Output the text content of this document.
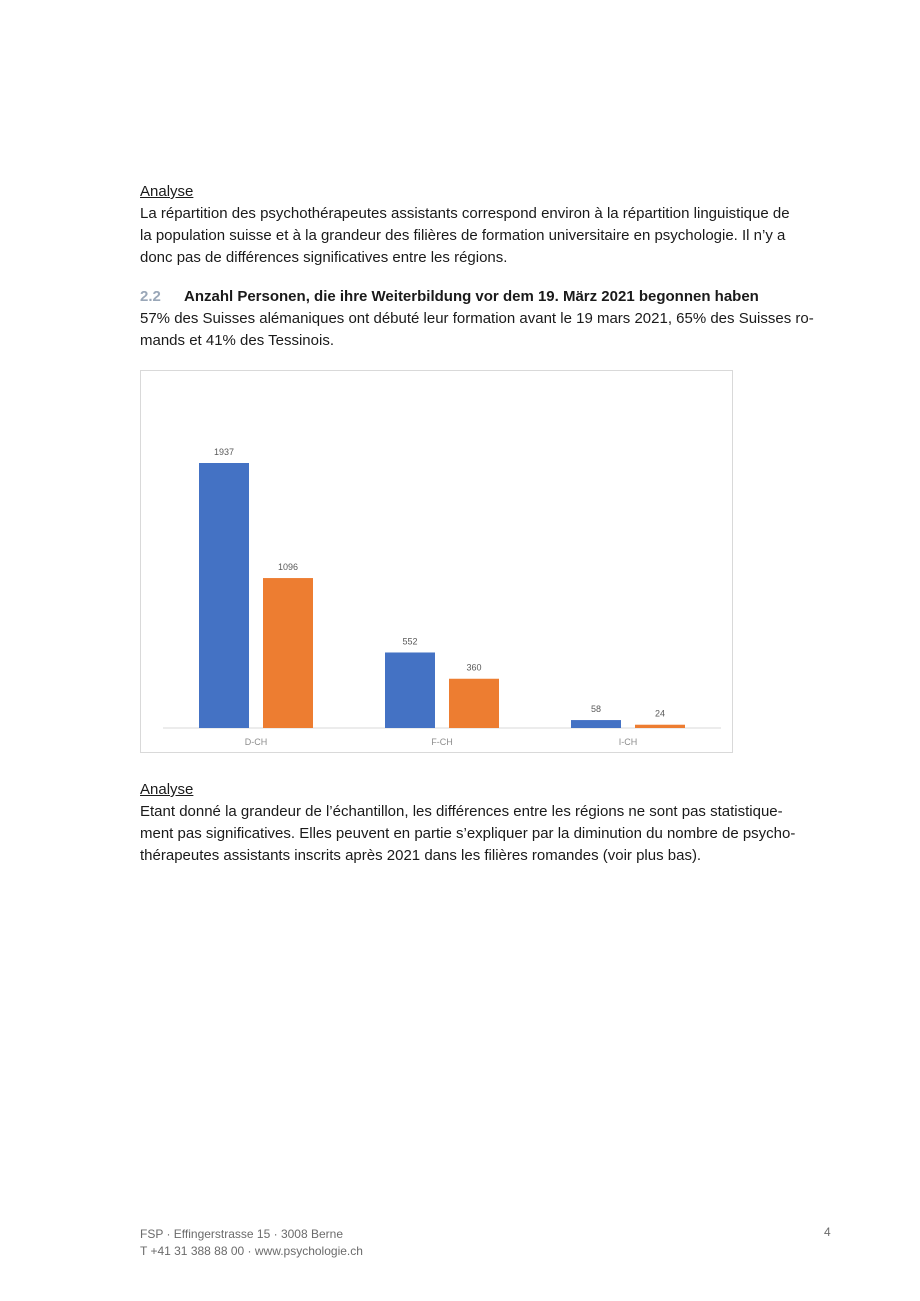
Analyse
La répartition des psychothérapeutes assistants correspond environ à la répartition linguistique de
la population suisse et à la grandeur des filières de formation universitaire en psychologie. Il n’y a
donc pas de différences significatives entre les régions.
2.2 Anzahl Personen, die ihre Weiterbildung vor dem 19. März 2021 begonnen haben
57% des Suisses alémaniques ont débuté leur formation avant le 19 mars 2021, 65% des Suisses ro-
mands et 41% des Tessinois.
1937
1096
D-CH
552
360
F-CH
58	24
I-CH
Analyse
Etant donné la grandeur de l’échantillon, les différences entre les régions ne sont pas statistique-
ment pas significatives. Elles peuvent en partie s’expliquer par la diminution du nombre de psycho-
thérapeutes assistants inscrits après 2021 dans les filières romandes (voir plus bas).
FSP · Effingerstrasse 15 · 3008 Berne
T +41 31 388 88 00 · www.psychologie.ch
4
